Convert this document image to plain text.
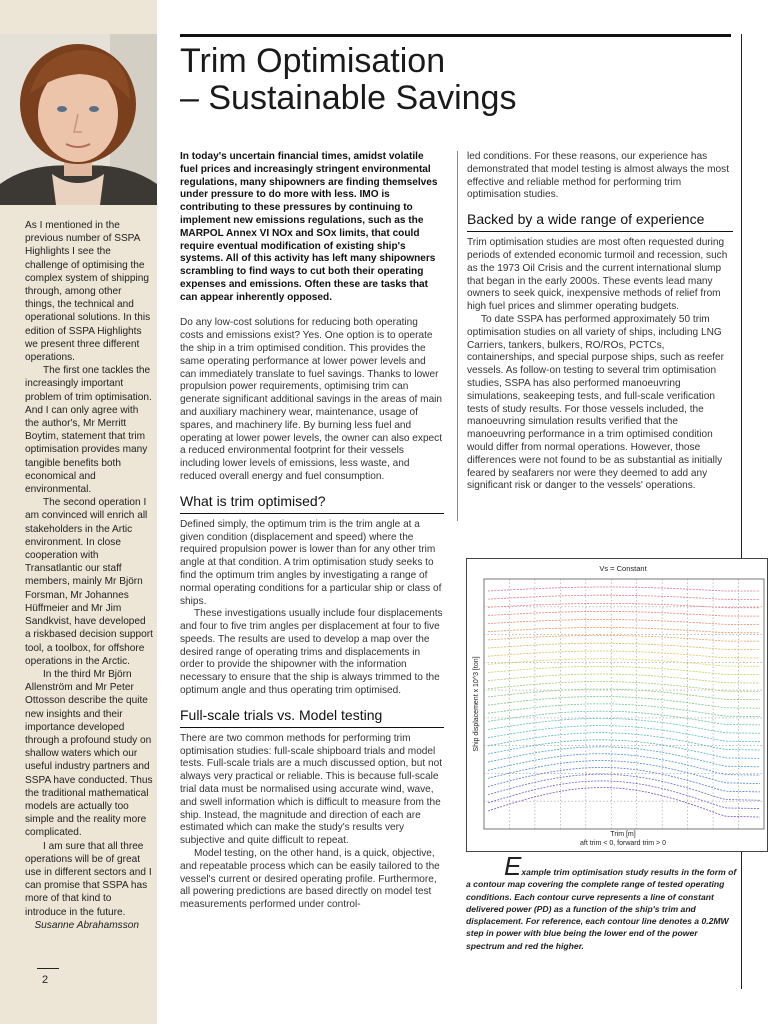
As I mentioned in the previous number of SSPA Highlights I see the challenge of optimising the complex system of shipping through, among other things, the technical and operational solutions. In this edition of SSPA Highlights we present three different operations.

The first one tackles the increasingly important problem of trim optimisation. And I can only agree with the author's, Mr Merritt Boytim, statement that trim optimisation provides many tangible benefits both economical and environmental.

The second operation I am convinced will enrich all stakeholders in the Artic environment. In close cooperation with Transatlantic our staff members, mainly Mr Björn Forsman, Mr Johannes Hüffmeier and Mr Jim Sandkvist, have developed a riskbased decision support tool, a toolbox, for offshore operations in the Arctic.

In the third Mr Björn Allenström and Mr Peter Ottosson describe the quite new insights and their importance developed through a profound study on shallow waters which our useful industry partners and SSPA have conducted. Thus the traditional mathematical models are actually too simple and the reality more complicated.

I am sure that all three operations will be of great use in different sectors and I can promise that SSPA has more of that kind to introduce in the future.

Susanne Abrahamsson

2
Trim Optimisation
– Sustainable Savings

In today's uncertain financial times, amidst volatile fuel prices and increasingly stringent environmental regulations, many shipowners are finding themselves under pressure to do more with less. IMO is contributing to these pressures by continuing to implement new emissions regulations, such as the MARPOL Annex VI NOx and SOx limits, that could require eventual modification of existing ship's systems. All of this activity has left many shipowners scrambling to find ways to cut both their operating expenses and emissions. Often these are tasks that can appear inherently opposed.

Do any low-cost solutions for reducing both operating costs and emissions exist? Yes. One option is to operate the ship in a trim optimised condition. This provides the same operating performance at lower power levels and can immediately translate to fuel savings. Thanks to lower propulsion power requirements, optimising trim can generate significant additional savings in the areas of main and auxiliary machinery wear, maintenance, usage of spares, and machinery life. By burning less fuel and operating at lower power levels, the owner can also expect a reduced environmental footprint for their vessels including lower levels of emissions, less waste, and reduced overall energy and fuel consumption.

What is trim optimised?

Defined simply, the optimum trim is the trim angle at a given condition (displacement and speed) where the required propulsion power is lower than for any other trim angle at that condition. A trim optimisation study seeks to find the optimum trim angles by investigating a range of normal operating conditions for a particular ship or class of ships.

These investigations usually include four displacements and four to five trim angles per displacement at four to five speeds. The results are used to develop a map over the desired range of operating trims and displacements in order to provide the shipowner with the information necessary to ensure that the ship is always trimmed to the optimum angle and thus operating trim optimised.

Full-scale trials vs. Model testing

There are two common methods for performing trim optimisation studies: full-scale shipboard trials and model tests. Full-scale trials are a much discussed option, but not always very practical or reliable. This is because full-scale trial data must be normalised using accurate wind, wave, and swell information which is difficult to measure from the ship. Instead, the magnitude and direction of each are estimated which can make the study's results very subjective and quite difficult to repeat.

Model testing, on the other hand, is a quick, objective, and repeatable process which can be easily tailored to the vessel's current or desired operating profile. Furthermore, all powering predictions are based directly on model test measurements performed under control-

led conditions. For these reasons, our experience has demonstrated that model testing is almost always the most effective and reliable method for performing trim optimisation studies.

Backed by a wide range of experience

Trim optimisation studies are most often requested during periods of extended economic turmoil and recession, such as the 1973 Oil Crisis and the current international slump that began in the early 2000s. These events lead many owners to seek quick, inexpensive methods of relief from high fuel prices and slimmer operating budgets.

To date SSPA has performed approximately 50 trim optimisation studies on all variety of ships, including LNG Carriers, tankers, bulkers, RO/ROs, PCTCs, containerships, and special purpose ships, such as reefer vessels. As follow-on testing to several trim optimisation studies, SSPA has also performed manoeuvring simulations, seakeeping tests, and full-scale verification tests of study results. For those vessels included, the manoeuvring simulation results verified that the manoeuvring performance in a trim optimised condition would differ from normal operations. However, those differences were not found to be as substantial as initially feared by seafarers nor were they deemed to add any significant risk or danger to the vessels' operations.

Vs = Constant
Ship displacement x 10^3 [ton]
Trim [m]
aft trim < 0, forward trim > 0
Example trim optimisation study results in the form of a contour map covering the complete range of tested operating conditions. Each contour curve represents a line of constant delivered power (PD) as a function of the ship's trim and displacement. For reference, each contour line denotes a 0.2MW step in power with blue being the lower end of the power spectrum and red the higher.
